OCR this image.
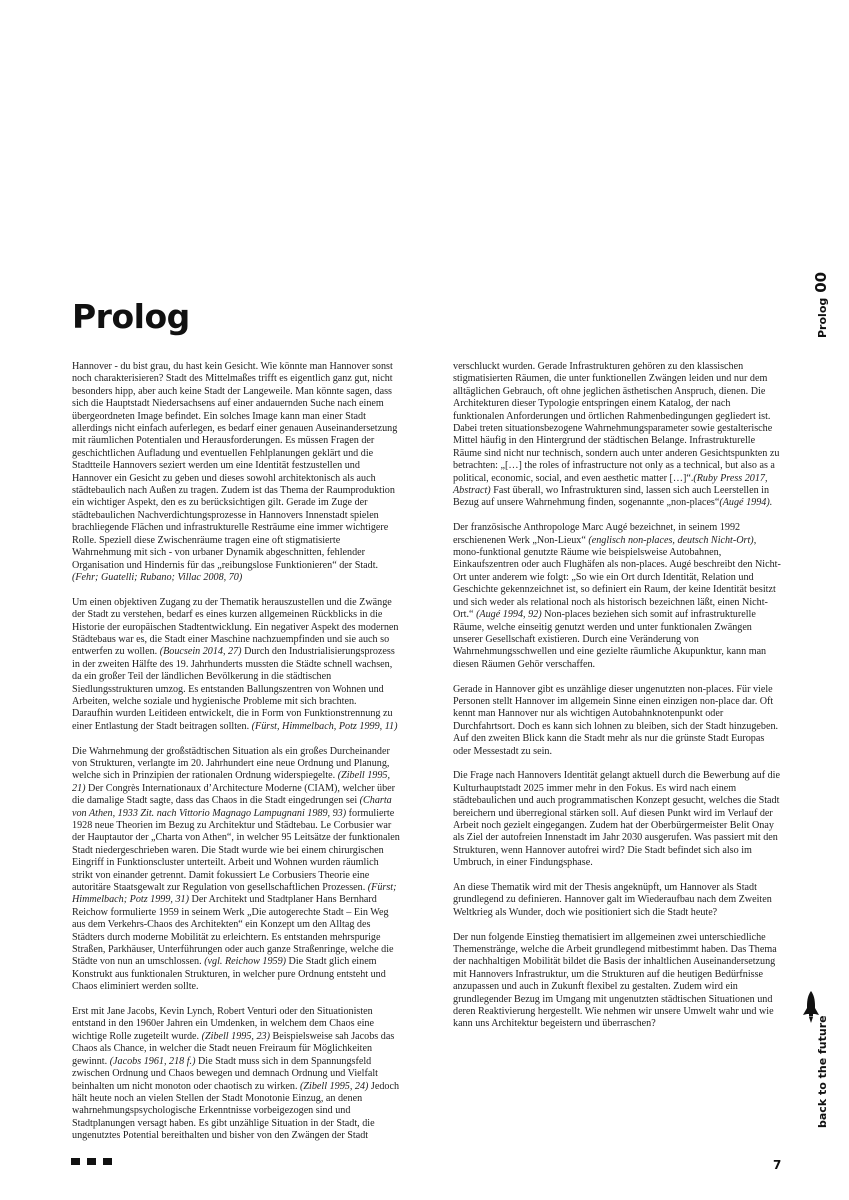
Prolog	Prolog00

Hannover - du bist grau, du hast kein Gesicht. Wie könnte man Hannover sonst noch charakterisieren? Stadt des Mittelmaßes trifft es eigentlich ganz gut, nicht besonders hipp, aber auch keine Stadt der Langeweile. Man könnte sagen, dass sich die Hauptstadt Niedersachsens auf einer andauernden Suche nach einem übergeordneten Image befindet. Ein solches Image kann man einer Stadt allerdings nicht einfach auferlegen, es bedarf einer genauen Auseinandersetzung mit räumlichen Potentialen und Herausforderungen. Es müssen Fragen der geschichtlichen Aufladung und eventuellen Fehlplanungen geklärt und die Stadtteile Hannovers seziert werden um eine Identität festzustellen und Hannover ein Gesicht zu geben und dieses sowohl architektonisch als auch städtebaulich nach Außen zu tragen. Zudem ist das Thema der Raumproduktion ein wichtiger Aspekt, den es zu berücksichtigen gilt. Gerade im Zuge der städtebaulichen Nachverdichtungsprozesse in Hannovers Innenstadt spielen brachliegende Flächen und infrastrukturelle Resträume eine immer wichtigere Rolle. Speziell diese Zwischenräume tragen eine oft stigmatisierte Wahrnehmung mit sich - von urbaner Dynamik abgeschnitten, fehlender Organisation und Hindernis für das „reibungslose Funktionieren“ der Stadt. (Fehr; Guatelli; Rubano; Villac 2008, 70)

Um einen objektiven Zugang zu der Thematik herauszustellen und die Zwänge der Stadt zu verstehen, bedarf es eines kurzen allgemeinen Rückblicks in die Historie der europäischen Stadtentwicklung. Ein negativer Aspekt des modernen Städtebaus war es, die Stadt einer Maschine nachzuempfinden und sie auch so entwerfen zu wollen. (Boucsein 2014, 27) Durch den Industrialisierungsprozess in der zweiten Hälfte des 19. Jahrhunderts mussten die Städte schnell wachsen, da ein großer Teil der ländlichen Bevölkerung in die städtischen Siedlungsstrukturen umzog. Es entstanden Ballungszentren von Wohnen und Arbeiten, welche soziale und hygienische Probleme mit sich brachten. Daraufhin wurden Leitideen entwickelt, die in Form von Funktionstrennung zu einer Entlastung der Stadt beitragen sollten. (Fürst, Himmelbach, Potz 1999, 11)

Die Wahrnehmung der großstädtischen Situation als ein großes Durcheinander von Strukturen, verlangte im 20. Jahrhundert eine neue Ordnung und Planung, welche sich in Prinzipien der rationalen Ordnung widerspiegelte. (Zibell 1995, 21) Der Congrès Internationaux d’Architecture Moderne (CIAM), welcher über die damalige Stadt sagte, dass das Chaos in die Stadt eingedrungen sei (Charta von Athen, 1933 Zit. nach Vittorio Magnago Lampugnani 1989, 93) formulierte 1928 neue Theorien im Bezug zu Architektur und Städtebau. Le Corbusier war der Hauptautor der „Charta von Athen“, in welcher 95 Leitsätze der funktionalen Stadt niedergeschrieben waren. Die Stadt wurde wie bei einem chirurgischen Eingriff in Funktionscluster unterteilt. Arbeit und Wohnen wurden räumlich strikt von einander getrennt. Damit fokussiert Le Corbusiers Theorie eine autoritäre Staatsgewalt zur Regulation von gesellschaftlichen Prozessen. (Fürst; Himmelbach; Potz 1999, 31) Der Architekt und Stadtplaner Hans Bernhard Reichow formulierte 1959 in seinem Werk „Die autogerechte Stadt – Ein Weg aus dem Verkehrs-Chaos des Architekten“ ein Konzept um den Alltag des Städters durch moderne Mobilität zu erleichtern. Es entstanden mehrspurige Straßen, Parkhäuser, Unterführungen oder auch ganze Straßenringe, welche die Städte von nun an umschlossen. (vgl. Reichow 1959) Die Stadt glich einem Konstrukt aus funktionalen Strukturen, in welcher pure Ordnung entsteht und Chaos eliminiert werden sollte.

Erst mit Jane Jacobs, Kevin Lynch, Robert Venturi oder den Situationisten entstand in den 1960er Jahren ein Umdenken, in welchem dem Chaos eine wichtige Rolle zugeteilt wurde. (Zibell 1995, 23) Beispielsweise sah Jacobs das Chaos als Chance, in welcher die Stadt neuen Freiraum für Möglichkeiten gewinnt. (Jacobs 1961, 218 f.) Die Stadt muss sich in dem Spannungsfeld zwischen Ordnung und Chaos bewegen und demnach Ordnung und Vielfalt beinhalten um nicht monoton oder chaotisch zu wirken. (Zibell 1995, 24) Jedoch hält heute noch an vielen Stellen der Stadt Monotonie Einzug, an denen wahrnehmungspsychologische Erkenntnisse vorbeigezogen sind und Stadtplanungen versagt haben. Es gibt unzählige Situation in der Stadt, die ungenutztes Potential bereithalten und bisher von den Zwängen der Stadt

verschluckt wurden. Gerade Infrastrukturen gehören zu den klassischen stigmatisierten Räumen, die unter funktionellen Zwängen leiden und nur dem alltäglichen Gebrauch, oft ohne jeglichen ästhetischen Anspruch, dienen. Die Architekturen dieser Typologie entspringen einem Katalog, der nach funktionalen Anforderungen und örtlichen Rahmenbedingungen gegliedert ist. Dabei treten situationsbezogene Wahrnehmungsparameter sowie gestalterische Mittel häufig in den Hintergrund der städtischen Belange. Infrastrukturelle Räume sind nicht nur technisch, sondern auch unter anderen Gesichtspunkten zu betrachten: „[…] the roles of infrastructure not only as a technical, but also as a political, economic, social, and even aesthetic matter […]“.(Ruby Press 2017, Abstract) Fast überall, wo Infrastrukturen sind, lassen sich auch Leerstellen in Bezug auf unsere Wahrnehmung finden, sogenannte „non-places“(Augé 1994).

Der französische Anthropologe Marc Augé bezeichnet, in seinem 1992 erschienenen Werk „Non-Lieux“ (englisch non-places, deutsch Nicht-Ort), mono-funktional genutzte Räume wie beispielsweise Autobahnen, Einkaufszentren oder auch Flughäfen als non-places. Augé beschreibt den Nicht-Ort unter anderem wie folgt: „So wie ein Ort durch Identität, Relation und Geschichte gekennzeichnet ist, so definiert ein Raum, der keine Identität besitzt und sich weder als relational noch als historisch bezeichnen läßt, einen Nicht-Ort.“ (Augé 1994, 92) Non-places beziehen sich somit auf infrastrukturelle Räume, welche einseitig genutzt werden und unter funktionalen Zwängen unserer Gesellschaft existieren. Durch eine Veränderung von Wahrnehmungsschwellen und eine gezielte räumliche Akupunktur, kann man diesen Räumen Gehör verschaffen.

Gerade in Hannover gibt es unzählige dieser ungenutzten non-places. Für viele Personen stellt Hannover im allgemein Sinne einen einzigen non-place dar. Oft kennt man Hannover nur als wichtigen Autobahnknotenpunkt oder Durchfahrtsort. Doch es kann sich lohnen zu bleiben, sich der Stadt hinzugeben. Auf den zweiten Blick kann die Stadt mehr als nur die grünste Stadt Europas oder Messestadt zu sein.

Die Frage nach Hannovers Identität gelangt aktuell durch die Bewerbung auf die Kulturhauptstadt 2025 immer mehr in den Fokus. Es wird nach einem städtebaulichen und auch programmatischen Konzept gesucht, welches die Stadt bereichern und überregional stärken soll. Auf diesen Punkt wird im Verlauf der Arbeit noch gezielt eingegangen. Zudem hat der Oberbürgermeister Belit Onay als Ziel der autofreien Innenstadt im Jahr 2030 ausgerufen. Was passiert mit den Strukturen, wenn Hannover autofrei wird? Die Stadt befindet sich also im Umbruch, in einer Findungsphase.

An diese Thematik wird mit der Thesis angeknüpft, um Hannover als Stadt grundlegend zu definieren. Hannover galt im Wiederaufbau nach dem Zweiten Weltkrieg als Wunder, doch wie positioniert sich die Stadt heute?

Der nun folgende Einstieg thematisiert im allgemeinen zwei unterschiedliche Themenstränge, welche die Arbeit grundlegend mitbestimmt haben. Das Thema der nachhaltigen Mobilität bildet die Basis der inhaltlichen Auseinandersetzung mit Hannovers Infrastruktur, um die Strukturen auf die heutigen Bedürfnisse anzupassen und auch in Zukunft flexibel zu gestalten. Zudem wird ein grundlegender Bezug im Umgang mit ungenutzten städtischen Situationen und deren Reaktivierung hergestellt. Wie nehmen wir unsere Umwelt wahr und wie kann uns Architektur begeistern und überraschen?	back to the future
7
